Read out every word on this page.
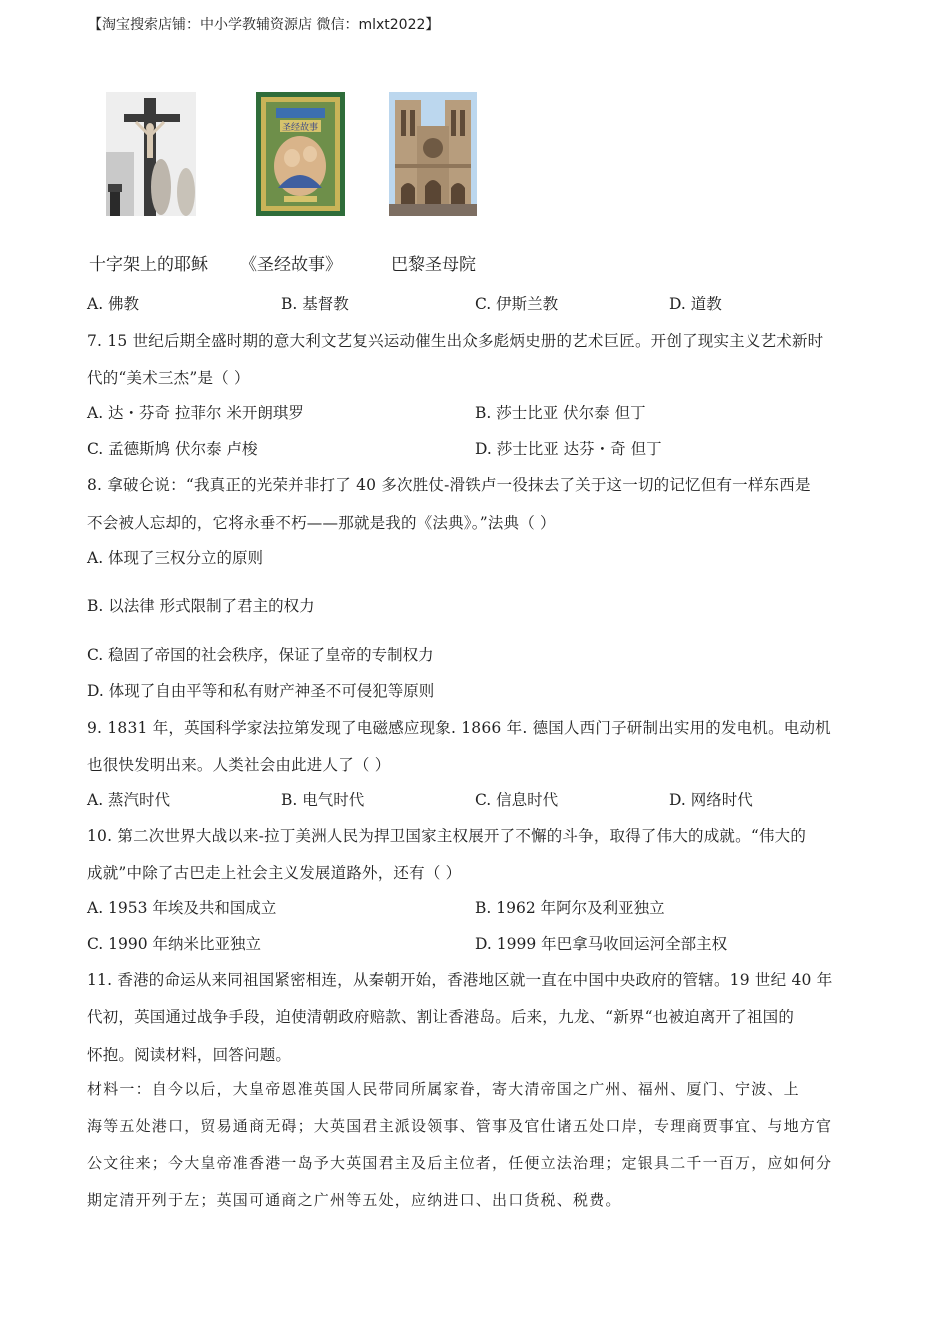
【淘宝搜索店铺：中小学教辅资源店 微信：mlxt2022】
圣经故事
十字架上的耶稣 《圣经故事》	巴黎圣母院
A. 佛教	B. 基督教	C. 伊斯兰教	D. 道教
7. 15 世纪后期全盛时期的意大利文艺复兴运动催生出众多彪炳史册的艺术巨匠。开创了现实主义艺术新时
代的“美术三杰”是（ ）
A. 达・芬奇 拉菲尔 米开朗琪罗	B. 莎士比亚 伏尔泰 但丁
C. 孟德斯鸠 伏尔泰 卢梭	D. 莎士比亚 达芬・奇 但丁
8. 拿破仑说：“我真正的光荣并非打了 40 多次胜仗-滑铁卢一役抹去了关于这一切的记忆但有一样东西是
不会被人忘却的，它将永垂不朽——那就是我的《法典》。”法典（ ）
A. 体现了三权分立的原则
B. 以法律 形式限制了君主的权力
C. 稳固了帝国的社会秩序，保证了皇帝的专制权力
D. 体现了自由平等和私有财产神圣不可侵犯等原则
9. 1831 年，英国科学家法拉第发现了电磁感应现象. 1866 年. 德国人西门子研制出实用的发电机。电动机
也很快发明出来。人类社会由此进人了（ ）
A. 蒸汽时代	B. 电气时代	C. 信息时代	D. 网络时代
10. 第二次世界大战以来-拉丁美洲人民为捍卫国家主权展开了不懈的斗争，取得了伟大的成就。“伟大的
成就”中除了古巴走上社会主义发展道路外，还有（ ）
A. 1953 年埃及共和国成立	B. 1962 年阿尔及利亚独立
C. 1990 年纳米比亚独立	D. 1999 年巴拿马收回运河全部主权
11. 香港的命运从来同祖国紧密相连，从秦朝开始，香港地区就一直在中国中央政府的管辖。19 世纪 40 年
代初，英国通过战争手段，迫使清朝政府赔款、割让香港岛。后来，九龙、“新界“也被迫离开了祖国的
怀抱。阅读材料，回答问题。
材料一：自今以后，大皇帝恩准英国人民带同所属家眷，寄大清帝国之广州、福州、厦门、宁波、上
海等五处港口，贸易通商无碍；大英国君主派设领事、管事及官仕诸五处口岸，专理商贾事宜、与地方官
公文往来；今大皇帝准香港一岛予大英国君主及后主位者，任便立法治理；定银具二千一百万，应如何分
期定清开列于左；英国可通商之广州等五处，应纳进口、出口货税、税费。
